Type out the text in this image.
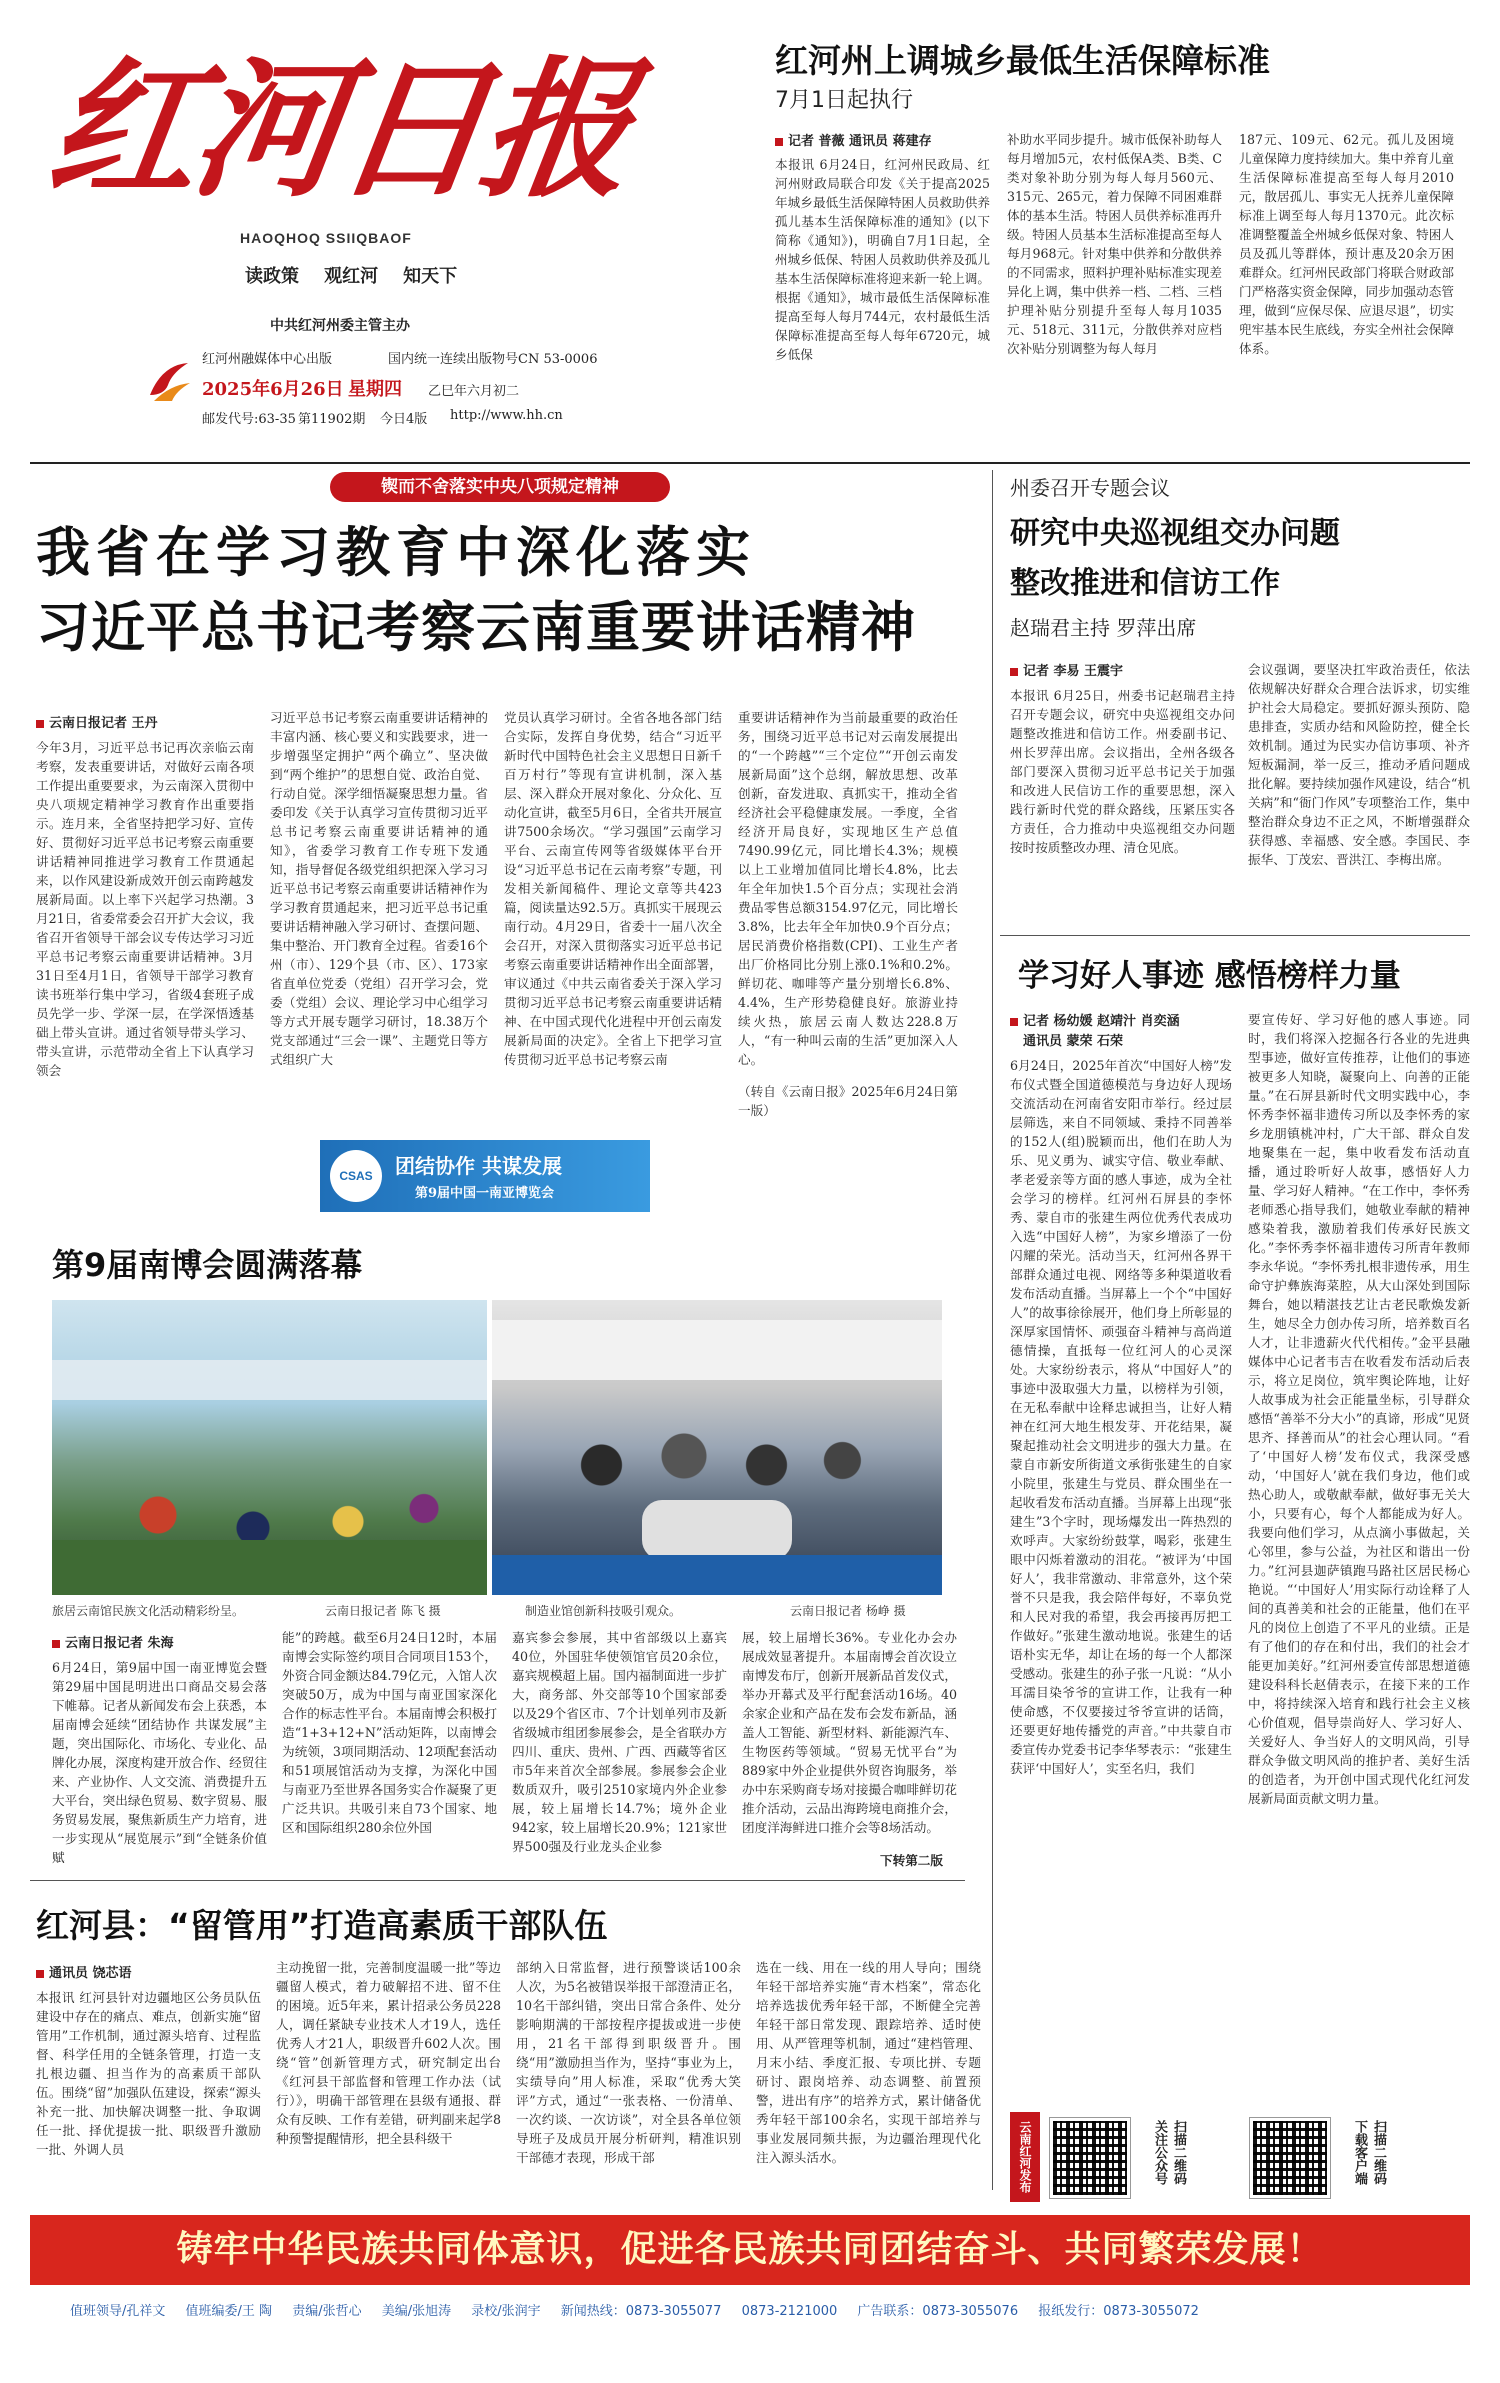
红河日报
HAOQHOQ SSIIQBAOF
读政策 观红河 知天下
中共红河州委主管主办
红河州融媒体中心出版	国内统一连续出版物号CN 53-0006
2025年6月26日 星期四 乙巳年六月初二
邮发代号:63-35 第11902期 今日4版 http://www.hh.cn
红河州上调城乡最低生活保障标准
7月1日起执行
记者 普薇 通讯员 蒋建存
本报讯 6月24日，红河州民政局、红河州财政局联合印发《关于提高2025年城乡最低生活保障特困人员救助供养孤儿基本生活保障标准的通知》(以下简称《通知》)，明确自7月1日起，全州城乡低保、特困人员救助供养及孤儿基本生活保障标准将迎来新一轮上调。根据《通知》，城市最低生活保障标准提高至每人每月744元，农村最低生活保障标准提高至每人每年6720元，城乡低保
补助水平同步提升。城市低保补助每人每月增加5元，农村低保A类、B类、C类对象补助分别为每人每月560元、315元、265元，着力保障不同困难群体的基本生活。特困人员供养标准再升级。特困人员基本生活标准提高至每人每月968元。针对集中供养和分散供养的不同需求，照料护理补贴标准实现差异化上调，集中供养一档、二档、三档护理补贴分别提升至每人每月1035元、518元、311元，分散供养对应档次补贴分别调整为每人每月
187元、109元、62元。孤儿及困境儿童保障力度持续加大。集中养育儿童生活保障标准提高至每人每月2010元，散居孤儿、事实无人抚养儿童保障标准上调至每人每月1370元。此次标准调整覆盖全州城乡低保对象、特困人员及孤儿等群体，预计惠及20余万困难群众。红河州民政部门将联合财政部门严格落实资金保障，同步加强动态管理，做到“应保尽保、应退尽退”，切实兜牢基本民生底线，夯实全州社会保障体系。
锲而不舍落实中央八项规定精神
我省在学习教育中深化落实
习近平总书记考察云南重要讲话精神
云南日报记者 王丹
今年3月，习近平总书记再次亲临云南考察，发表重要讲话，对做好云南各项工作提出重要要求，为云南深入贯彻中央八项规定精神学习教育作出重要指示。连月来，全省坚持把学习好、宣传好、贯彻好习近平总书记考察云南重要讲话精神同推进学习教育工作贯通起来，以作风建设新成效开创云南跨越发展新局面。以上率下兴起学习热潮。3月21日，省委常委会召开扩大会议，我省召开省领导干部会议专传达学习习近平总书记考察云南重要讲话精神。3月31日至4月1日，省领导干部学习教育读书班举行集中学习，省级4套班子成员先学一步、学深一层，在学深悟透基础上带头宣讲。通过省领导带头学习、带头宣讲，示范带动全省上下认真学习领会
习近平总书记考察云南重要讲话精神的丰富内涵、核心要义和实践要求，进一步增强坚定拥护“两个确立”、坚决做到“两个维护”的思想自觉、政治自觉、行动自觉。深学细悟凝聚思想力量。省委印发《关于认真学习宣传贯彻习近平总书记考察云南重要讲话精神的通知》，省委学习教育工作专班下发通知，指导督促各级党组织把深入学习习近平总书记考察云南重要讲话精神作为学习教育贯通起来，把习近平总书记重要讲话精神融入学习研讨、查摆问题、集中整治、开门教育全过程。省委16个州（市）、129个县（市、区）、173家省直单位党委（党组）召开学习会，党委（党组）会议、理论学习中心组学习等方式开展专题学习研讨，18.38万个党支部通过“三会一课”、主题党日等方式组织广大
党员认真学习研讨。全省各地各部门结合实际，发挥自身优势，结合“习近平新时代中国特色社会主义思想日日新千百万村行”等现有宣讲机制，深入基层、深入群众开展对象化、分众化、互动化宣讲，截至5月6日，全省共开展宣讲7500余场次。“学习强国”云南学习平台、云南宣传网等省级媒体平台开设“习近平总书记在云南考察”专题，刊发相关新闻稿件、理论文章等共423篇，阅读量达92.5万。真抓实干展现云南行动。4月29日，省委十一届八次全会召开，对深入贯彻落实习近平总书记考察云南重要讲话精神作出全面部署，审议通过《中共云南省委关于深入学习贯彻习近平总书记考察云南重要讲话精神、在中国式现代化进程中开创云南发展新局面的决定》。全省上下把学习宣传贯彻习近平总书记考察云南
重要讲话精神作为当前最重要的政治任务，围绕习近平总书记对云南发展提出的“一个跨越”“三个定位”“开创云南发展新局面”这个总纲，解放思想、改革创新，奋发进取、真抓实干，推动全省经济社会平稳健康发展。一季度，全省经济开局良好，实现地区生产总值7490.99亿元，同比增长4.3%；规模以上工业增加值同比增长4.8%，比去年全年加快1.5个百分点；实现社会消费品零售总额3154.97亿元，同比增长3.8%，比去年全年加快0.9个百分点；居民消费价格指数(CPI)、工业生产者出厂价格同比分别上涨0.1%和0.2%。鲜切花、咖啡等产量分别增长6.8%、4.4%，生产形势稳健良好。旅游业持续火热，旅居云南人数达228.8万人，“有一种叫云南的生活”更加深入人心。
（转自《云南日报》2025年6月24日第一版）
CSAS	团结协作 共谋发展
第9届中国一南亚博览会
第9届南博会圆满落幕
旅居云南馆民族文化活动精彩纷呈。	云南日报记者 陈飞 摄	制造业馆创新科技吸引观众。	云南日报记者 杨峥 摄
云南日报记者 朱海
6月24日，第9届中国一南亚博览会暨第29届中国昆明进出口商品交易会落下帷幕。记者从新闻发布会上获悉，本届南博会延续“团结协作 共谋发展”主题，突出国际化、市场化、专业化、品牌化办展，深度构建开放合作、经贸往来、产业协作、人文交流、消费提升五大平台，突出绿色贸易、数字贸易、服务贸易发展，聚焦新质生产力培育，进一步实现从“展览展示”到“全链条价值赋
能”的跨越。截至6月24日12时，本届南博会实际签约项目合同项目153个，外资合同金额达84.79亿元，入馆人次突破50万，成为中国与南亚国家深化合作的标志性平台。本届南博会积极打造“1+3+12+N”活动矩阵，以南博会为统领，3项同期活动、12项配套活动和51项展馆活动为支撑，为深化中国与南亚乃至世界各国务实合作凝聚了更广泛共识。共吸引来自73个国家、地区和国际组织280余位外国
嘉宾参会参展，其中省部级以上嘉宾40位，外国驻华使领馆官员20余位，嘉宾规模超上届。国内福制面进一步扩大，商务部、外交部等10个国家部委以及29个省区市、7个计划单列市及新省级城市组团参展参会，是全省联办方四川、重庆、贵州、广西、西藏等省区市5年来首次全部参展。参展参会企业数质双升，吸引2510家境内外企业参展，较上届增长14.7%；境外企业942家，较上届增长20.9%；121家世界500强及行业龙头企业参
展，较上届增长36%。专业化办会办展成效显著提升。本届南博会首次设立南博发布厅，创新开展新品首发仪式，举办开幕式及平行配套活动16场。40余家企业和产品在发布会发布新品，涵盖人工智能、新型材料、新能源汽车、生物医药等领域。“贸易无忧平台”为889家中外企业提供外贸咨询服务，举办中东采购商专场对接撮合咖啡鲜切花推介活动，云品出海跨境电商推介会，团度洋海鲜进口推介会等8场活动。
下转第二版
红河县：“留管用”打造高素质干部队伍
通讯员 饶芯语
本报讯 红河县针对边疆地区公务员队伍建设中存在的痛点、难点，创新实施“留管用”工作机制，通过源头培育、过程监督、科学任用的全链条管理，打造一支扎根边疆、担当作为的高素质干部队伍。围绕“留”加强队伍建设，探索“源头补充一批、加快解决调整一批、争取调任一批、择优提拔一批、职级晋升激励一批、外调人员
主动挽留一批，完善制度温暖一批”等边疆留人模式，着力破解招不进、留不住的困境。近5年来，累计招录公务员228人，调任紧缺专业技术人才19人，选任优秀人才21人，职级晋升602人次。围绕“管”创新管理方式，研究制定出台《红河县干部监督和管理工作办法（试行）》，明确干部管理在县级有通报、群众有反映、工作有差错，研判副来起学8种预警提醒情形，把全县科级干
部纳入日常监督，进行预警谈话100余人次，为5名被错误举报干部澄清正名，10名干部纠错，突出日常合条件、处分影响期满的干部按程序提拔或进一步使用，21名干部得到职级晋升。围绕“用”激励担当作为，坚持“事业为上，实绩导向”用人标准，采取“优秀大笑评”方式，通过“一张表格、一份清单、一次约谈、一次访谈”，对全县各单位领导班子及成员开展分析研判，精准识别干部德才表现，形成干部
选在一线、用在一线的用人导向；围绕年轻干部培养实施“青木档案”，常态化培养选拔优秀年轻干部，不断健全完善年轻干部日常发现、跟踪培养、适时使用、从严管理等机制，通过“建档管理、月末小结、季度汇报、专项比拼、专题研讨、跟岗培养、动态调整、前置预警，进出有序”的培养方式，累计储备优秀年轻干部100余名，实现干部培养与事业发展同频共振，为边疆治理现代化注入源头活水。
州委召开专题会议
研究中央巡视组交办问题
整改推进和信访工作
赵瑞君主持 罗萍出席
记者 李易 王震宇
本报讯 6月25日，州委书记赵瑞君主持召开专题会议，研究中央巡视组交办问题整改推进和信访工作。州委副书记、州长罗萍出席。会议指出，全州各级各部门要深入贯彻习近平总书记关于加强和改进人民信访工作的重要思想，深入践行新时代党的群众路线，压紧压实各方责任，合力推动中央巡视组交办问题按时按质整改办理、清仓见底。
会议强调，要坚决扛牢政治责任，依法依规解决好群众合理合法诉求，切实维护社会大局稳定。要抓好源头预防、隐患排查，实质办结和风险防控，健全长效机制。通过为民实办信访事项、补齐短板漏洞，举一反三，推动矛盾问题成批化解。要持续加强作风建设，结合“机关病”和“衙门作风”专项整治工作，集中整治群众身边不正之风，不断增强群众获得感、幸福感、安全感。李国民、李振华、丁茂宏、晋洪江、李梅出席。
学习好人事迹 感悟榜样力量
记者 杨幼媛 赵靖汁 肖奕涵
通讯员 蒙荣 石荣
6月24日，2025年首次“中国好人榜”发布仪式暨全国道德模范与身边好人现场交流活动在河南省安阳市举行。经过层层筛选，来自不同领域、秉持不同善举的152人(组)脱颖而出，他们在助人为乐、见义勇为、诚实守信、敬业奉献、孝老爱亲等方面的感人事迹，成为全社会学习的榜样。红河州石屏县的李怀秀、蒙自市的张建生两位优秀代表成功入选“中国好人榜”，为家乡增添了一份闪耀的荣光。活动当天，红河州各界干部群众通过电视、网络等多种渠道收看发布活动直播。当屏幕上一个个“中国好人”的故事徐徐展开，他们身上所彰显的深厚家国情怀、顽强奋斗精神与高尚道德情操，直抵每一位红河人的心灵深处。大家纷纷表示，将从“中国好人”的事迹中汲取强大力量，以榜样为引领，在无私奉献中诠释忠诚担当，让好人精神在红河大地生根发芽、开花结果，凝聚起推动社会文明进步的强大力量。在蒙自市新安所街道文承街张建生的自家小院里，张建生与党员、群众围坐在一起收看发布活动直播。当屏幕上出现“张建生”3个字时，现场爆发出一阵热烈的欢呼声。大家纷纷鼓掌，喝彩，张建生眼中闪烁着激动的泪花。“被评为‘中国好人’，我非常激动、非常意外，这个荣誉不只是我，我会陪伴每好，不辜负党和人民对我的希望，我会再接再厉把工作做好。”张建生激动地说。张建生的话语朴实无华，却让在场的每一个人都深受感动。张建生的孙子张一凡说：“从小耳濡目染爷爷的宣讲工作，让我有一种使命感，不仅要接过爷爷宣讲的话筒，还要更好地传播党的声音。”中共蒙自市委宣传办党委书记李华琴表示：“张建生获评‘中国好人’，实至名归，我们
要宣传好、学习好他的感人事迹。同时，我们将深入挖掘各行各业的先进典型事迹，做好宣传推荐，让他们的事迹被更多人知晓，凝聚向上、向善的正能量。”在石屏县新时代文明实践中心，李怀秀李怀福非遗传习所以及李怀秀的家乡龙朋镇桃冲村，广大干部、群众自发地聚集在一起，集中收看发布活动直播，通过聆听好人故事，感悟好人力量、学习好人精神。“在工作中，李怀秀老师悉心指导我们，她敬业奉献的精神感染着我，激励着我们传承好民族文化。”李怀秀李怀福非遗传习所青年教师李永华说。“李怀秀扎根非遗传承，用生命守护彝族海菜腔，从大山深处到国际舞台，她以精湛技艺让古老民歌焕发新生，她尽全力创办传习所，培养数百名人才，让非遗薪火代代相传。”金平县融媒体中心记者韦吉在收看发布活动后表示，将立足岗位，筑牢舆论阵地，让好人故事成为社会正能量坐标，引导群众感悟“善举不分大小”的真谛，形成“见贤思齐、择善而从”的社会心理认同。“看了‘中国好人榜’发布仪式，我深受感动，‘中国好人’就在我们身边，他们或热心助人，或敬献奉献，做好事无关大小，只要有心，每个人都能成为好人。我要向他们学习，从点滴小事做起，关心邻里，参与公益，为社区和谐出一份力。”红河县迦萨镇跑马路社区居民杨心艳说。“‘中国好人’用实际行动诠释了人间的真善美和社会的正能量，他们在平凡的岗位上创造了不平凡的业绩。正是有了他们的存在和付出，我们的社会才能更加美好。”红河州委宣传部思想道德建设科科长赵倩表示，在接下来的工作中，将持续深入培育和践行社会主义核心价值观，倡导崇尚好人、学习好人、关爱好人、争当好人的文明风尚，引导群众争做文明风尚的推护者、美好生活的创造者，为开创中国式现代化红河发展新局面贡献文明力量。
云南红河发布	扫描二维码 关注公众号	扫描二维码 下载客户端
铸牢中华民族共同体意识，促进各民族共同团结奋斗、共同繁荣发展！
值班领导/孔祥文 值班编委/王 陶 责编/张哲心 美编/张旭涛 录校/张润宇 新闻热线：0873-3055077 0873-2121000 广告联系：0873-3055076 报纸发行：0873-3055072
